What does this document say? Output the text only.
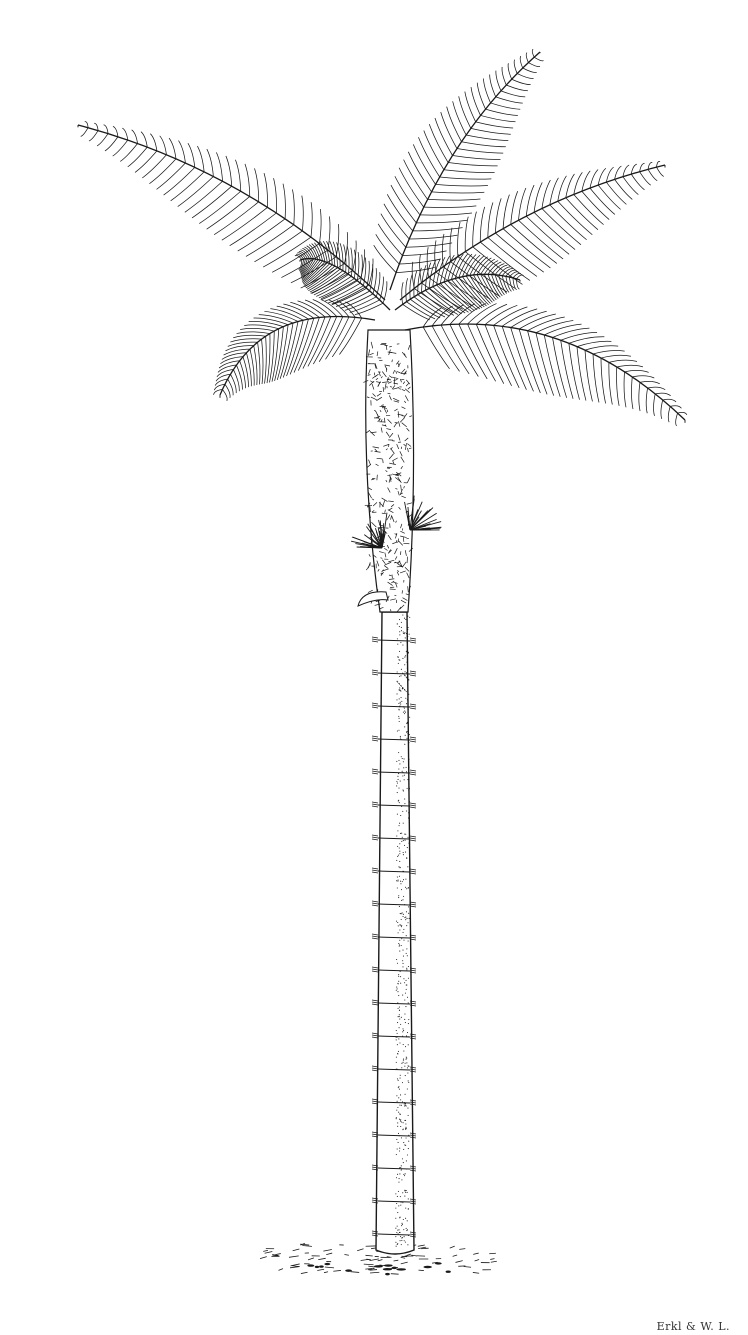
Erkl & W. L.
